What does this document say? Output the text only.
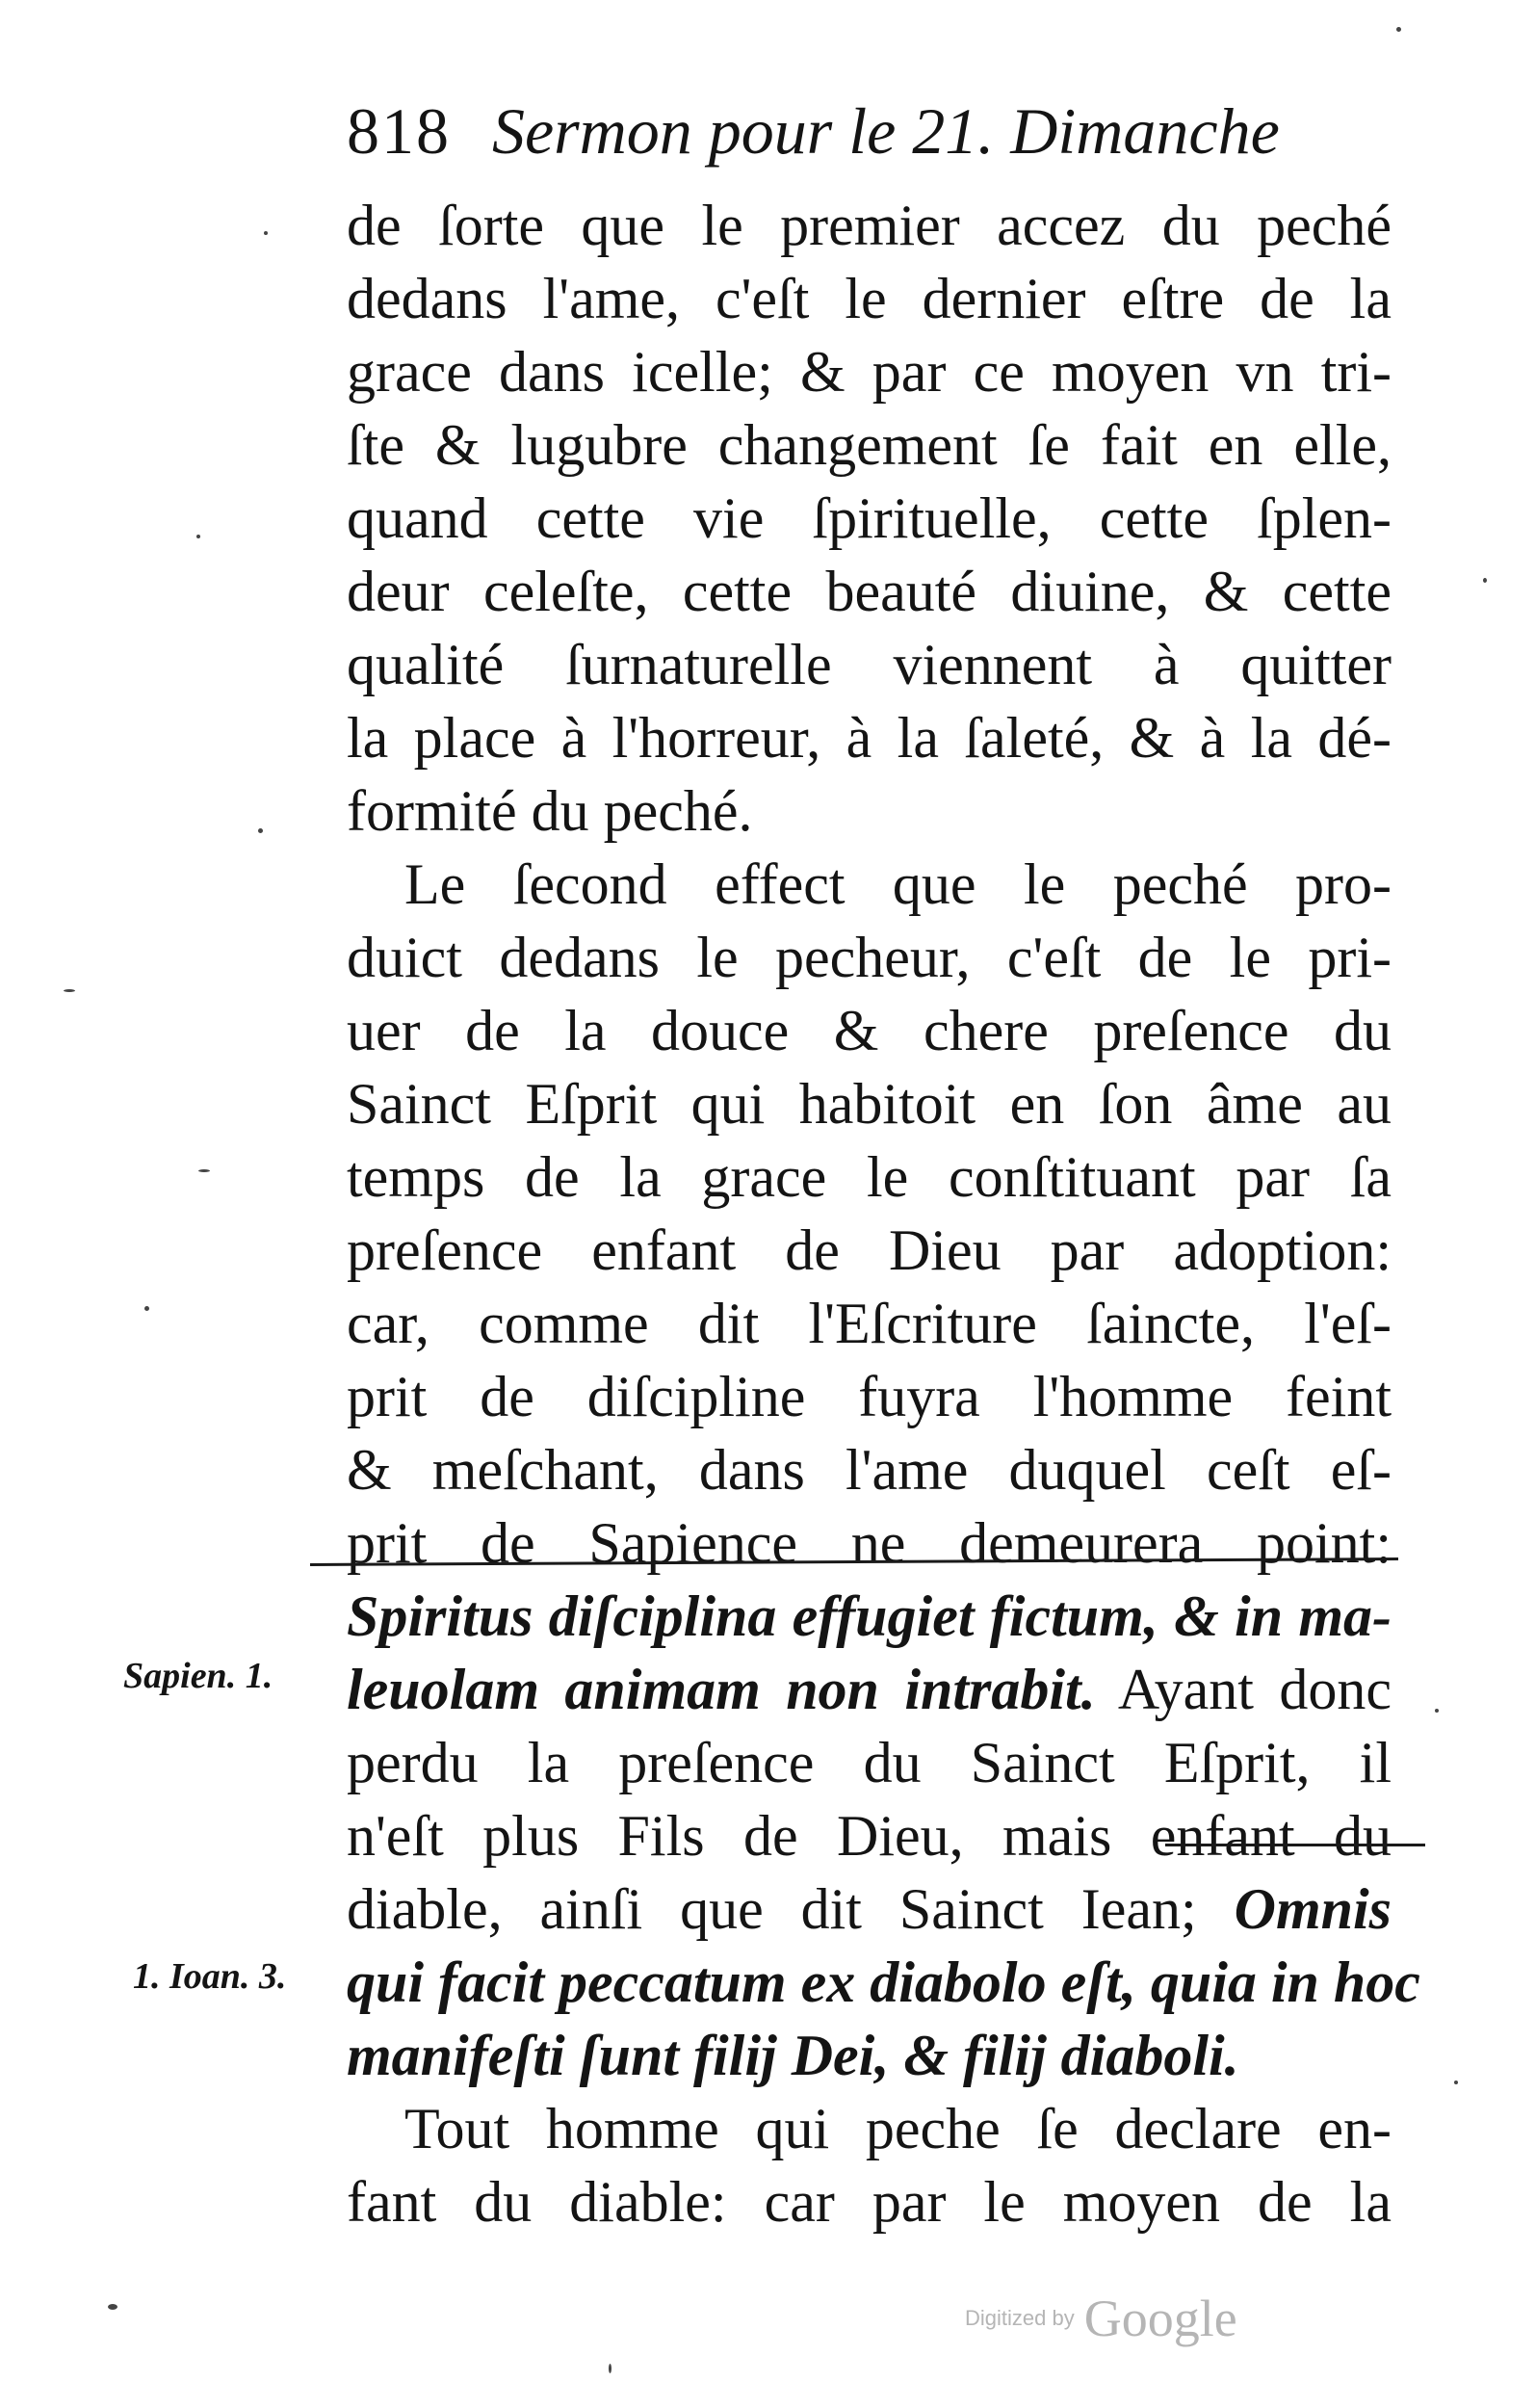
818 Sermon pour le 21. Dimanche
de ſorte que le premier accez du peché
dedans l'ame, c'eſt le dernier eſtre de la
grace dans icelle; & par ce moyen vn tri-
ſte & lugubre changement ſe fait en elle,
quand cette vie ſpirituelle, cette ſplen-
deur celeſte, cette beauté diuine, & cette
qualité ſurnaturelle viennent à quitter
la place à l'horreur, à la ſaleté, & à la dé-
formité du peché.
Le ſecond effect que le peché pro-
duict dedans le pecheur, c'eſt de le pri-
uer de la douce & chere preſence du
Sainct Eſprit qui habitoit en ſon âme au
temps de la grace le conſtituant par ſa
preſence enfant de Dieu par adoption:
car, comme dit l'Eſcriture ſaincte, l'eſ-
prit de diſcipline fuyra l'homme feint
& meſchant, dans l'ame duquel ceſt eſ-
prit de Sapience ne demeurera point:
Spiritus diſciplina effugiet fictum, & in ma-
leuolam animam non intrabit. Ayant donc
perdu la preſence du Sainct Eſprit, il
n'eſt plus Fils de Dieu, mais enfant du
diable, ainſi que dit Sainct Iean; Omnis
qui facit peccatum ex diabolo eſt, quia in hoc
manifeſti ſunt filij Dei, & filij diaboli.
Tout homme qui peche ſe declare en-
fant du diable: car par le moyen de la
Sapien. 1.
1. Ioan. 3.
Digitized by Google
